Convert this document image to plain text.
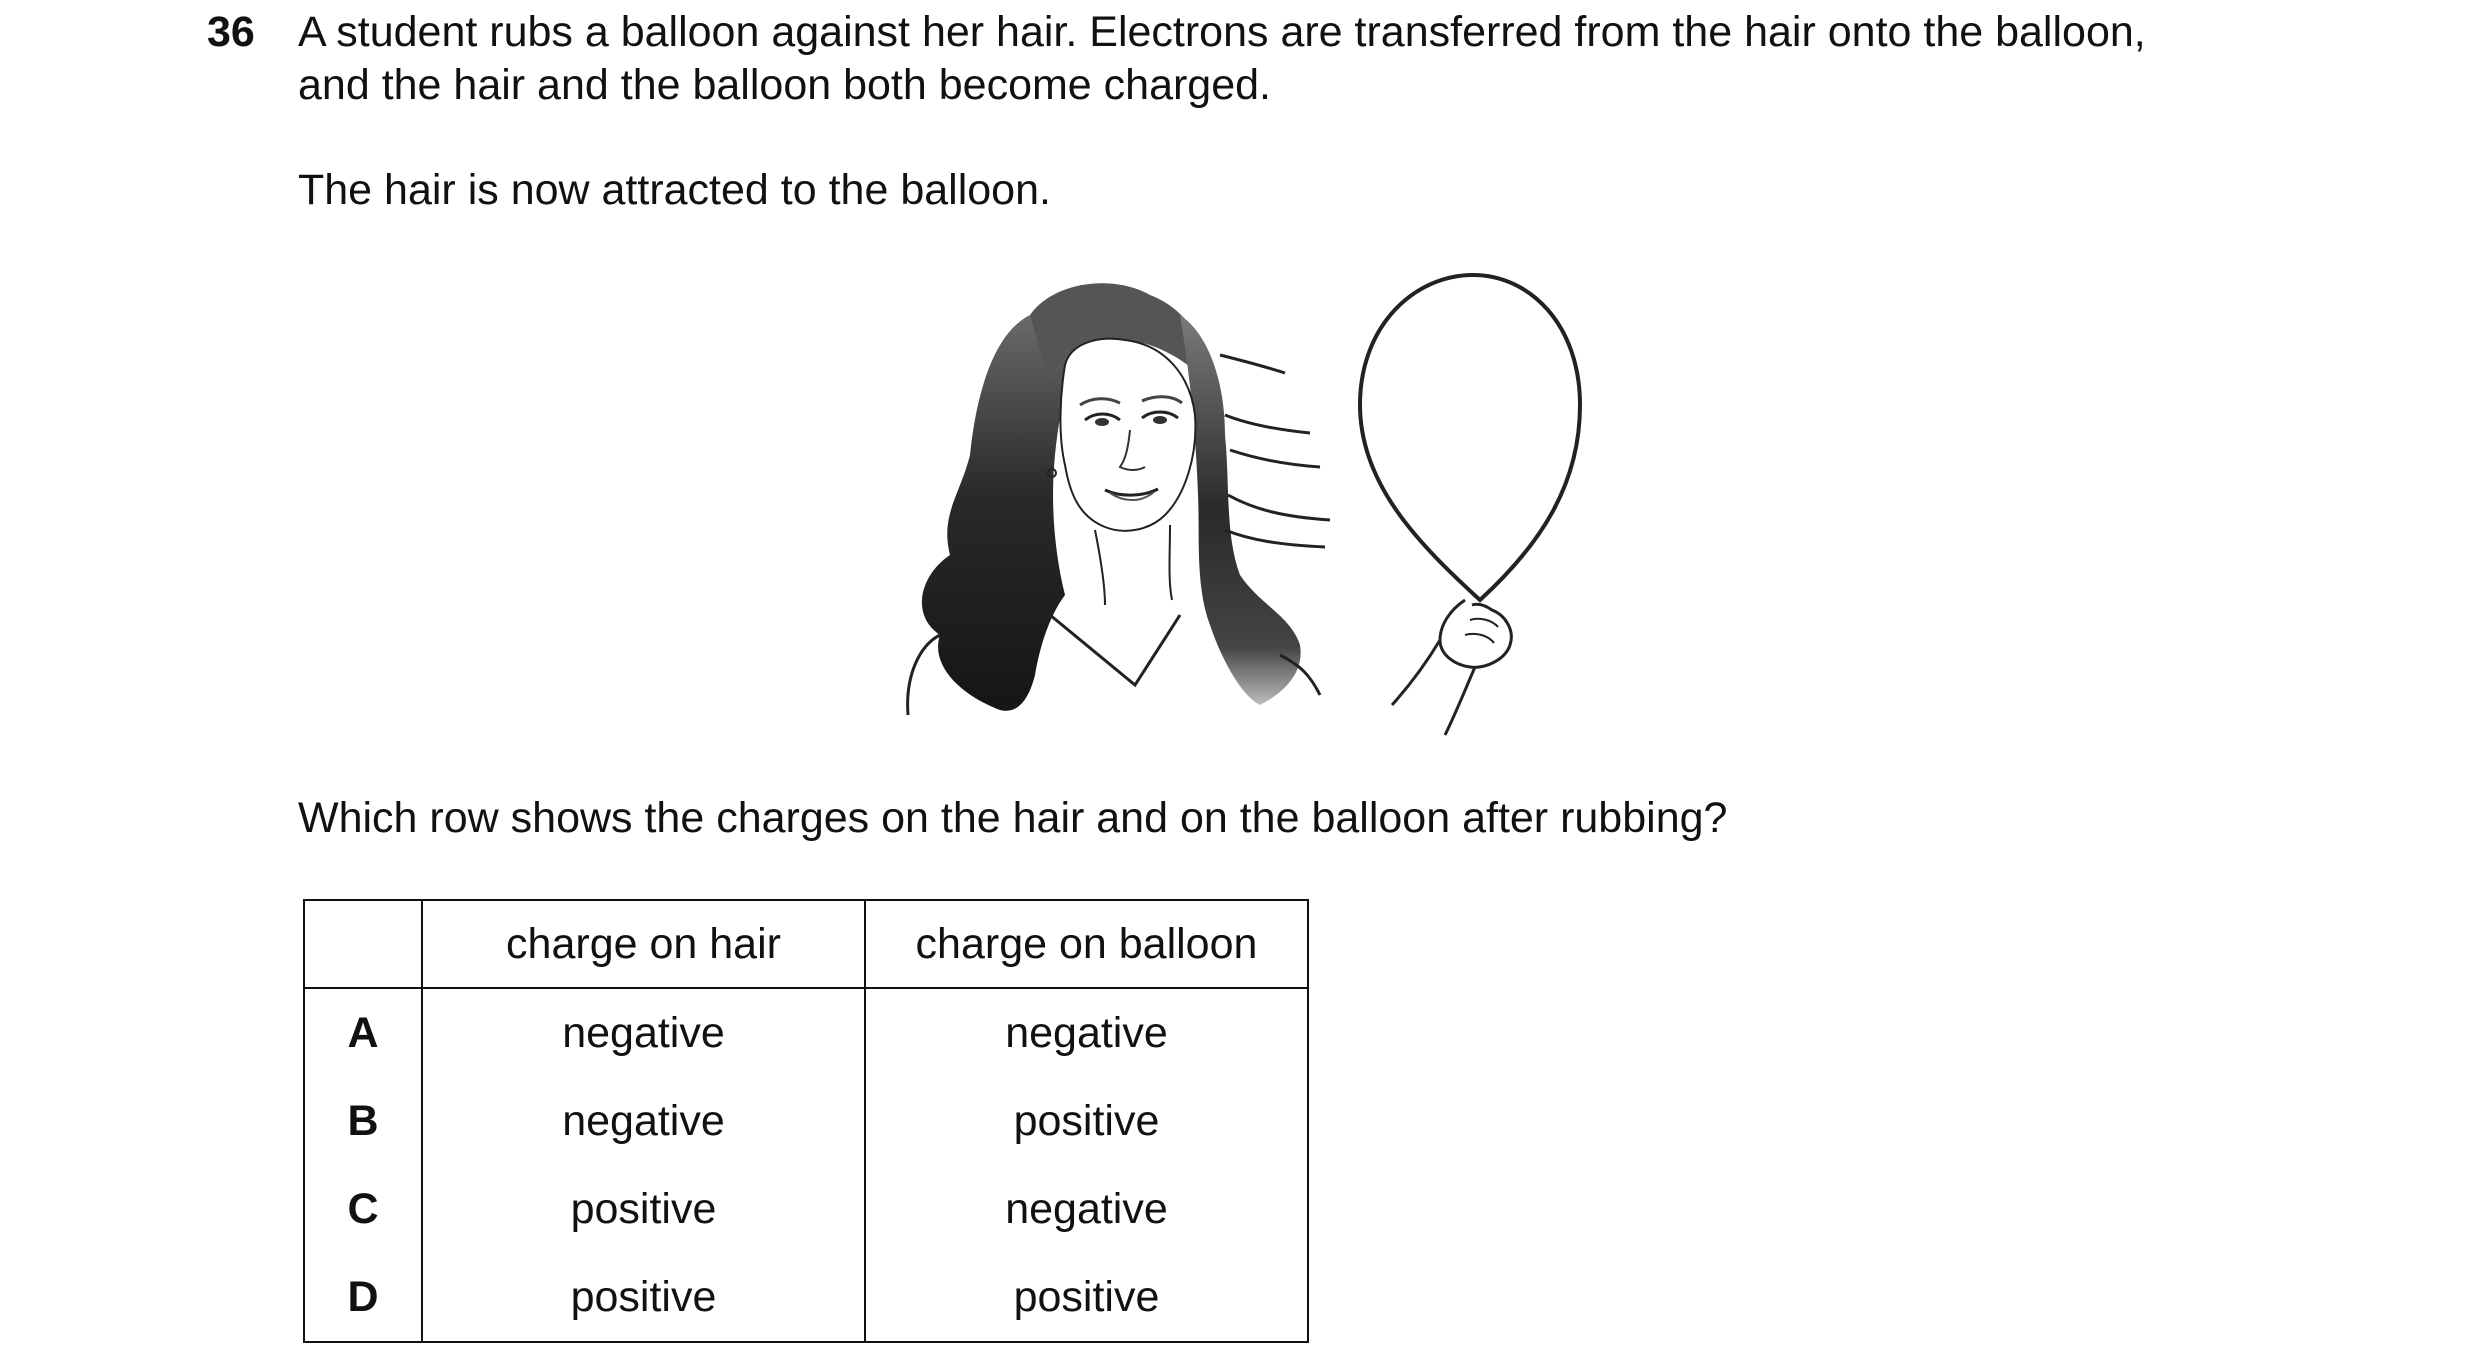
36 A student rubs a balloon against her hair. Electrons are transferred from the hair onto the balloon,
and the hair and the balloon both become charged.

The hair is now attracted to the balloon.
Which row shows the charges on the hair and on the balloon after rubbing?
	charge on hair	charge on balloon
A	negative	negative
B	negative	positive
C	positive	negative
D	positive	positive
